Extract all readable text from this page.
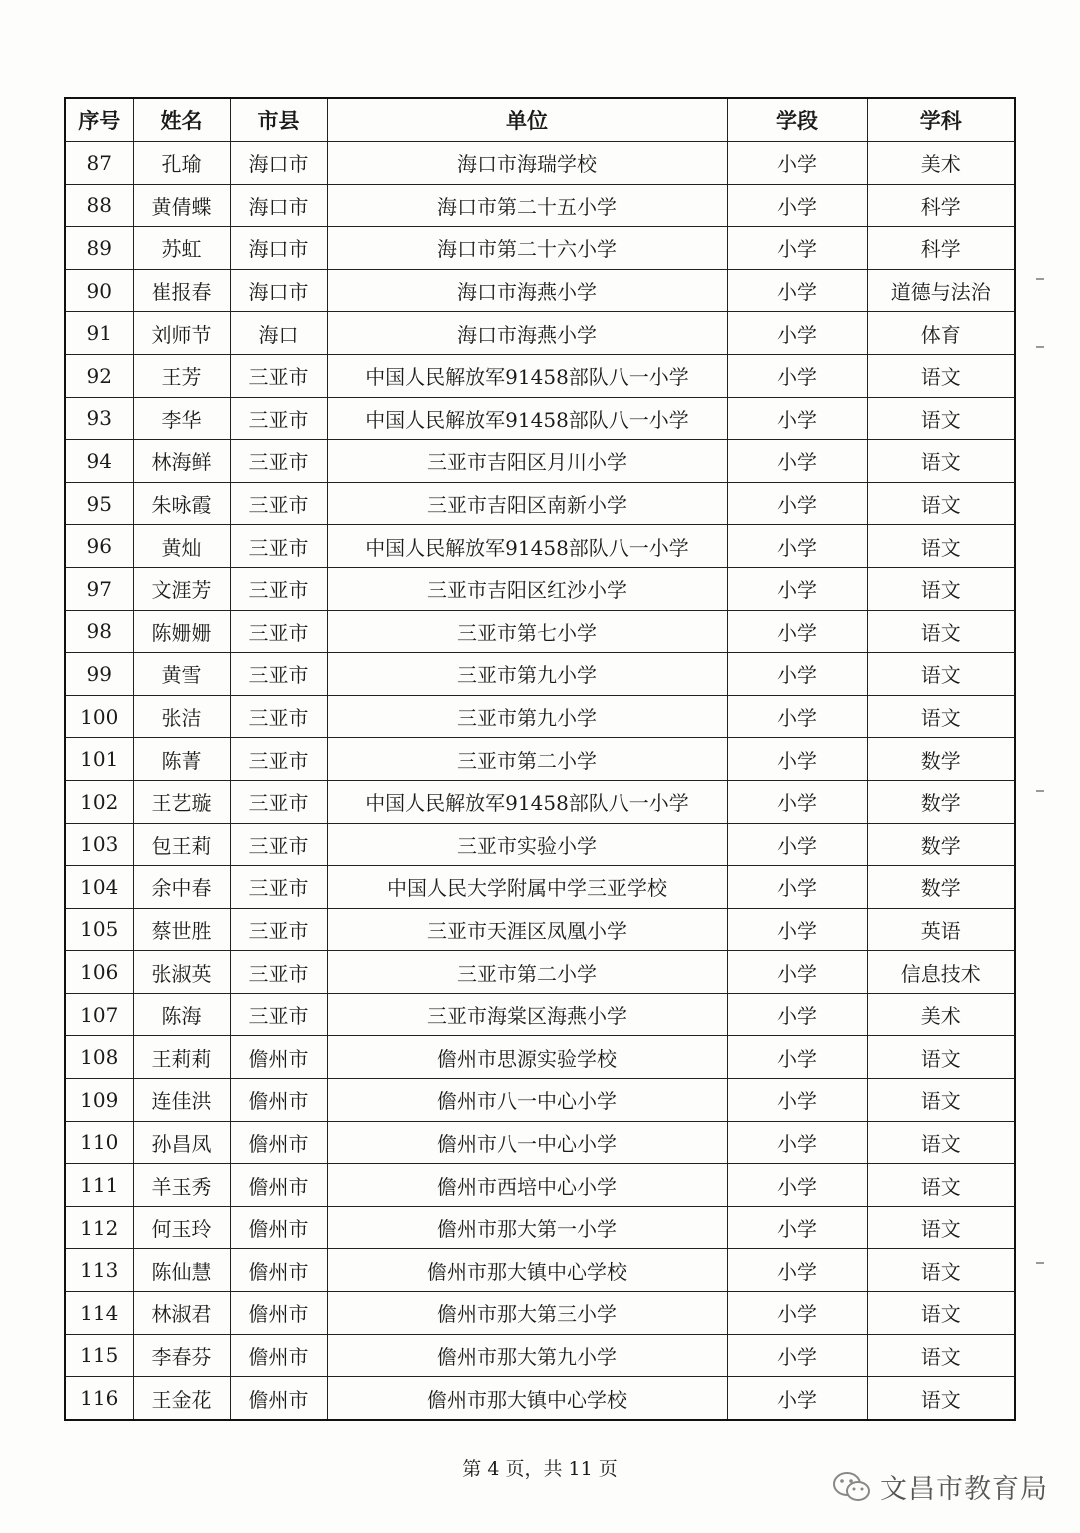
序号	姓名	市县	单位	学段	学科
87	孔瑜	海口市	海口市海瑞学校	小学	美术
88	黄倩蝶	海口市	海口市第二十五小学	小学	科学
89	苏虹	海口市	海口市第二十六小学	小学	科学
90	崔报春	海口市	海口市海燕小学	小学	道德与法治
91	刘师节	海口	海口市海燕小学	小学	体育
92	王芳	三亚市	中国人民解放军91458部队八一小学	小学	语文
93	李华	三亚市	中国人民解放军91458部队八一小学	小学	语文
94	林海鲜	三亚市	三亚市吉阳区月川小学	小学	语文
95	朱咏霞	三亚市	三亚市吉阳区南新小学	小学	语文
96	黄灿	三亚市	中国人民解放军91458部队八一小学	小学	语文
97	文涯芳	三亚市	三亚市吉阳区红沙小学	小学	语文
98	陈姗姗	三亚市	三亚市第七小学	小学	语文
99	黄雪	三亚市	三亚市第九小学	小学	语文
100	张洁	三亚市	三亚市第九小学	小学	语文
101	陈菁	三亚市	三亚市第二小学	小学	数学
102	王艺璇	三亚市	中国人民解放军91458部队八一小学	小学	数学
103	包王莉	三亚市	三亚市实验小学	小学	数学
104	余中春	三亚市	中国人民大学附属中学三亚学校	小学	数学
105	蔡世胜	三亚市	三亚市天涯区凤凰小学	小学	英语
106	张淑英	三亚市	三亚市第二小学	小学	信息技术
107	陈海	三亚市	三亚市海棠区海燕小学	小学	美术
108	王莉莉	儋州市	儋州市思源实验学校	小学	语文
109	连佳洪	儋州市	儋州市八一中心小学	小学	语文
110	孙昌凤	儋州市	儋州市八一中心小学	小学	语文
111	羊玉秀	儋州市	儋州市西培中心小学	小学	语文
112	何玉玲	儋州市	儋州市那大第一小学	小学	语文
113	陈仙慧	儋州市	儋州市那大镇中心学校	小学	语文
114	林淑君	儋州市	儋州市那大第三小学	小学	语文
115	李春芬	儋州市	儋州市那大第九小学	小学	语文
116	王金花	儋州市	儋州市那大镇中心学校	小学	语文
第 4 页，共 11 页
文昌市教育局
